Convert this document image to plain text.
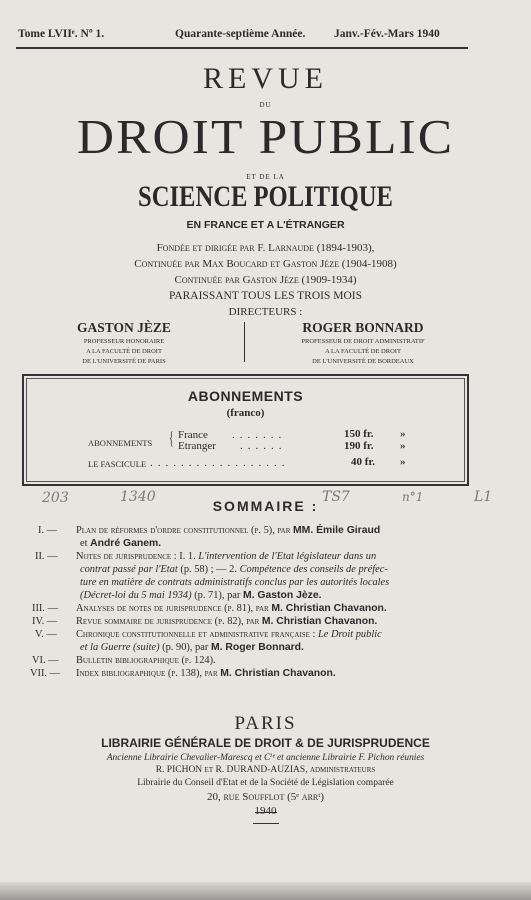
Tome LVIIᵉ. Nº 1.	Quarante-septième Année. Janv.-Fév.-Mars 1940
REVUE
DU
DROIT PUBLIC
ET DE LA
SCIENCE POLITIQUE
EN FRANCE ET A L'ÉTRANGER
Fondée et dirigée par F. Larnaude (1894-1903),
Continuée par Max Boucard et Gaston Jèze (1904-1908)
Continuée par Gaston Jèze (1909-1934)
PARAISSANT TOUS LES TROIS MOIS
DIRECTEURS :
GASTON JÈZE
PROFESSEUR HONORAIRE
A LA FACULTÉ DE DROIT
DE L'UNIVERSITÉ DE PARIS
ROGER BONNARD
PROFESSEUR DE DROIT ADMINISTRATIF
A LA FACULTÉ DE DROIT
DE L'UNIVERSITÉ DE BORDEAUX
ABONNEMENTS
(franco)
ABONNEMENTS { France .......	150 fr. »
Etranger ......	190 fr. »
LE FASCICULE ..................	40 fr. »
203	1340	TS7	n°1	L1
SOMMAIRE :
I. — Plan de réformes d'ordre constitutionnel (p. 5), par MM. Émile Giraud
et André Ganem.
II. — Notes de jurisprudence : I. 1. L'intervention de l'Etat législateur dans un
contrat passé par l'Etat (p. 58) ; — 2. Compétence des conseils de préfec-
ture en matière de contrats administratifs conclus par les autorités locales
(Décret-loi du 5 mai 1934) (p. 71), par M. Gaston Jèze.
III. — Analyses de notes de jurisprudence (p. 81), par M. Christian Chavanon.
IV. — Revue sommaire de jurisprudence (p. 82), par M. Christian Chavanon.
V. — Chronique constitutionnelle et administrative française : Le Droit public
et la Guerre (suite) (p. 90), par M. Roger Bonnard.
VI. — Bulletin bibliographique (p. 124).
VII. — Index bibliographique (p. 138), par M. Christian Chavanon.
PARIS
LIBRAIRIE GÉNÉRALE DE DROIT & DE JURISPRUDENCE
Ancienne Librairie Chevalier-Marescq et Cⁱᵉ et ancienne Librairie F. Pichon réunies
R. PICHON et R. DURAND-AUZIAS, administrateurs
Librairie du Conseil d'Etat et de la Société de Législation comparée
20, rue Soufflot (5ᵉ arrᵗ)
1940
